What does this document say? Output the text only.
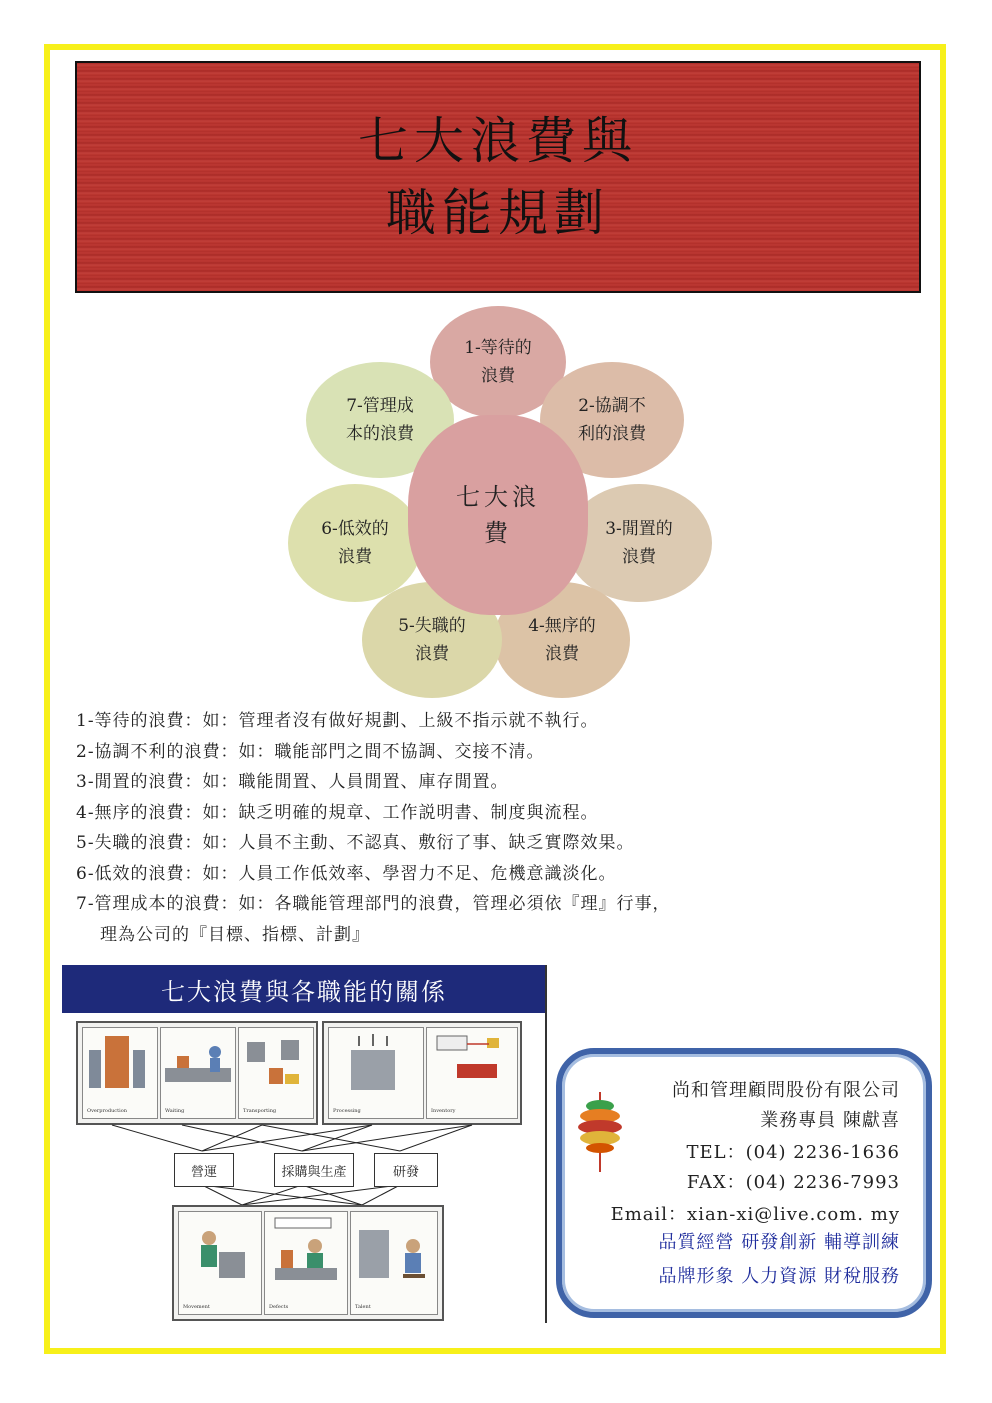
七大浪費與
職能規劃
1-等待的
浪費
2-協調不
利的浪費
3-閒置的
浪費
4-無序的
浪費
5-失職的
浪費
6-低效的
浪費
7-管理成
本的浪費
七大浪
費
1-等待的浪費：如：管理者沒有做好規劃、上級不指示就不執行。
2-協調不利的浪費：如：職能部門之間不協調、交接不清。
3-閒置的浪費：如：職能閒置、人員閒置、庫存閒置。
4-無序的浪費：如：缺乏明確的規章、工作説明書、制度與流程。
5-失職的浪費：如：人員不主動、不認真、敷衍了事、缺乏實際效果。
6-低效的浪費：如：人員工作低效率、學習力不足、危機意識淡化。
7-管理成本的浪費：如：各職能管理部門的浪費，管理必須依『理』行事，
理為公司的『目標、指標、計劃』
七大浪費與各職能的關係
Overproduction	Waiting	Transporting	Processing	Inventory
營運	採購與生產	研發
Movement	Defects	Talent
尚和管理顧問股份有限公司
業務專員 陳獻喜
TEL：(04) 2236-1636
FAX：(04) 2236-7993
Email：xian-xi@live.com. my
品質經營 研發創新 輔導訓練
品牌形象 人力資源 財稅服務
